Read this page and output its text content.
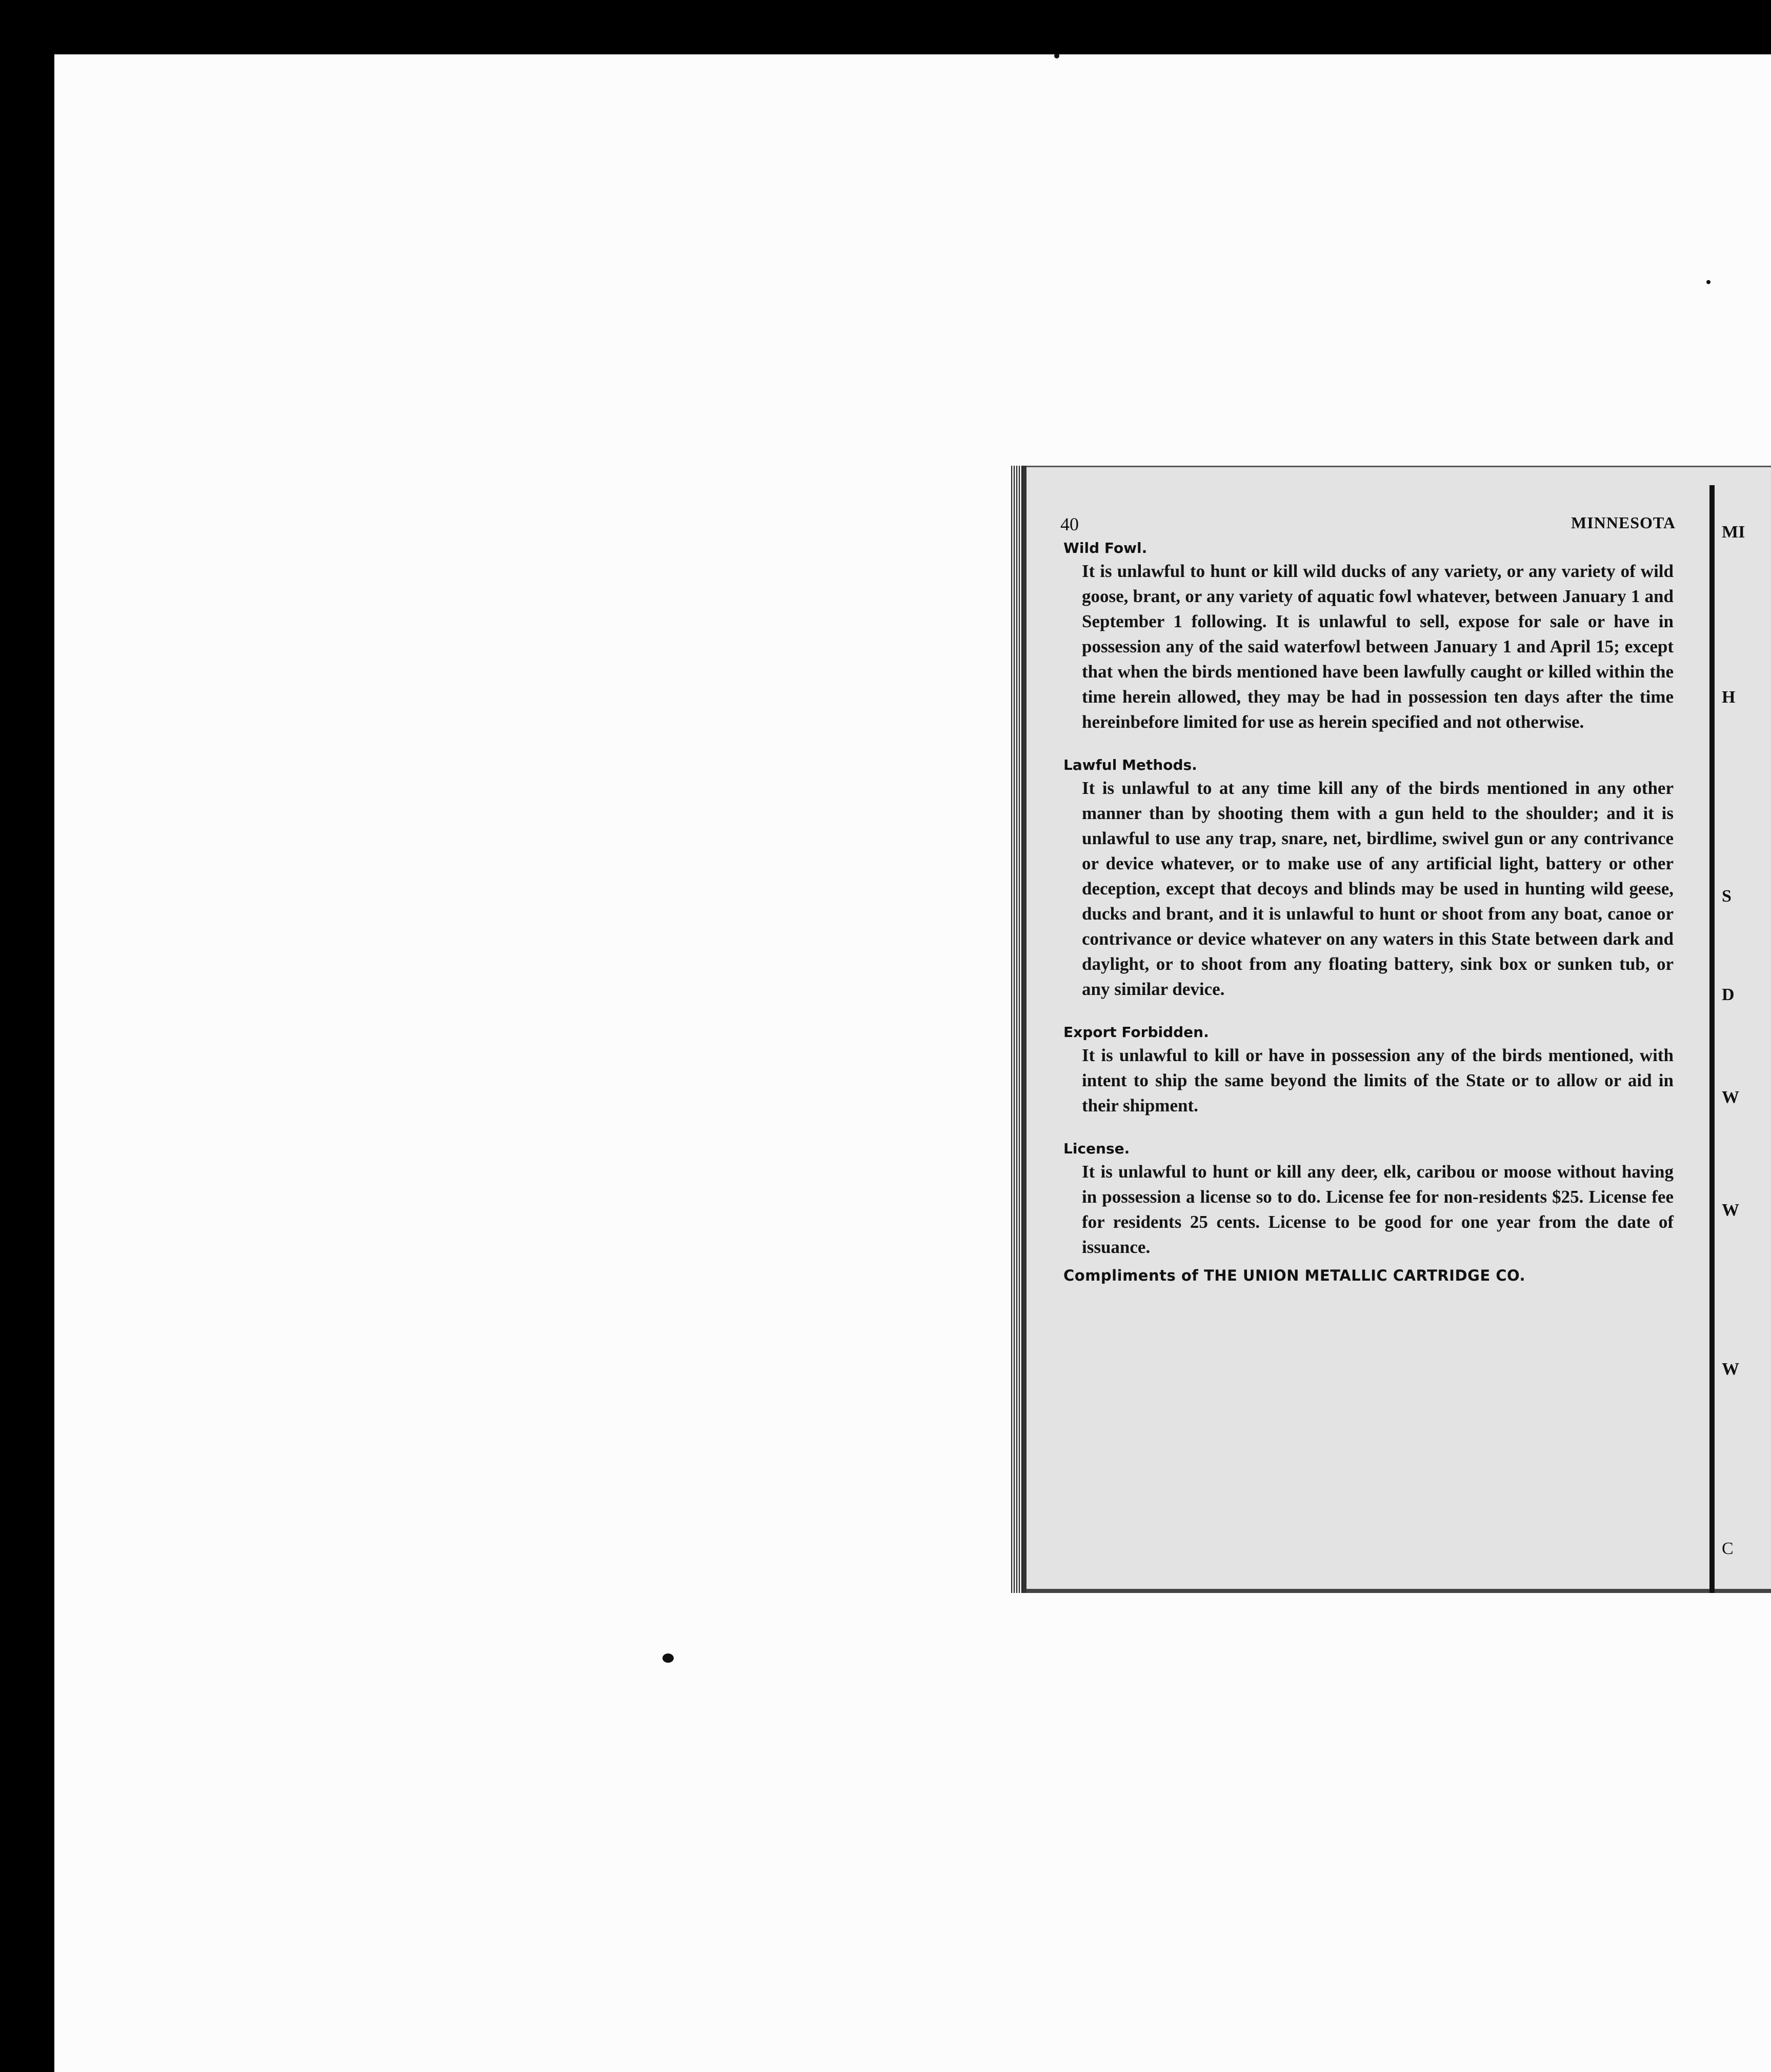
40	MINNESOTA
Wild Fowl.

It is unlawful to hunt or kill wild ducks of any variety, or any variety of wild goose, brant, or any variety of aquatic fowl whatever, between January 1 and September 1 following. It is unlawful to sell, expose for sale or have in possession any of the said waterfowl between January 1 and April 15; except that when the birds mentioned have been lawfully caught or killed within the time herein allowed, they may be had in possession ten days after the time hereinbefore limited for use as herein specified and not otherwise.

Lawful Methods.

It is unlawful to at any time kill any of the birds mentioned in any other manner than by shooting them with a gun held to the shoulder; and it is unlawful to use any trap, snare, net, birdlime, swivel gun or any contrivance or device whatever, or to make use of any artificial light, battery or other deception, except that decoys and blinds may be used in hunting wild geese, ducks and brant, and it is unlawful to hunt or shoot from any boat, canoe or contrivance or device whatever on any waters in this State between dark and daylight, or to shoot from any floating battery, sink box or sunken tub, or any similar device.

Export Forbidden.

It is unlawful to kill or have in possession any of the birds mentioned, with intent to ship the same beyond the limits of the State or to allow or aid in their shipment.

License.

It is unlawful to hunt or kill any deer, elk, caribou or moose without having in possession a license so to do. License fee for non-residents $25. License fee for residents 25 cents. License to be good for one year from the date of issuance.

Compliments of THE UNION METALLIC CARTRIDGE CO.
MI
H
S
D
W
W
W
C
